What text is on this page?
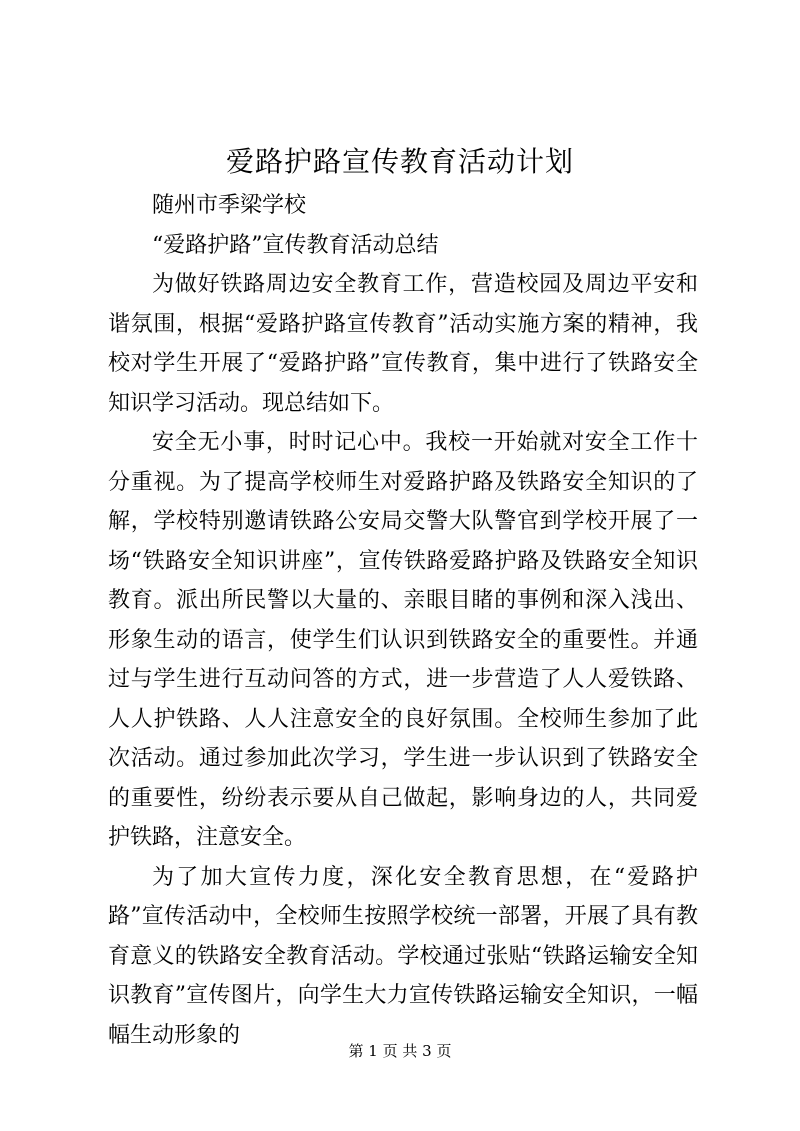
爱路护路宣传教育活动计划

随州市季梁学校

“爱路护路”宣传教育活动总结

为做好铁路周边安全教育工作，营造校园及周边平安和谐氛围，根据“爱路护路宣传教育”活动实施方案的精神，我校对学生开展了“爱路护路”宣传教育，集中进行了铁路安全知识学习活动。现总结如下。

安全无小事，时时记心中。我校一开始就对安全工作十分重视。为了提高学校师生对爱路护路及铁路安全知识的了解，学校特别邀请铁路公安局交警大队警官到学校开展了一场“铁路安全知识讲座”，宣传铁路爱路护路及铁路安全知识教育。派出所民警以大量的、亲眼目睹的事例和深入浅出、形象生动的语言，使学生们认识到铁路安全的重要性。并通过与学生进行互动问答的方式，进一步营造了人人爱铁路、人人护铁路、人人注意安全的良好氛围。全校师生参加了此次活动。通过参加此次学习，学生进一步认识到了铁路安全的重要性，纷纷表示要从自己做起，影响身边的人，共同爱护铁路，注意安全。

为了加大宣传力度，深化安全教育思想，在“爱路护路”宣传活动中，全校师生按照学校统一部署，开展了具有教育意义的铁路安全教育活动。学校通过张贴“铁路运输安全知识教育”宣传图片，向学生大力宣传铁路运输安全知识，一幅幅生动形象的

第 1 页 共 3 页
